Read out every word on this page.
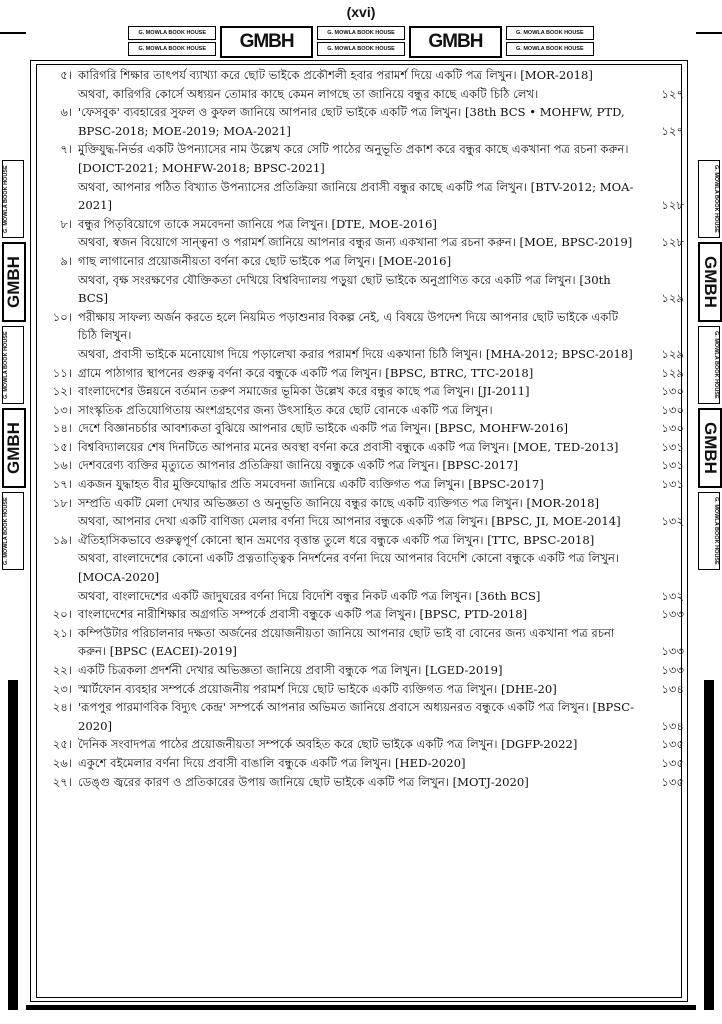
(xvi)
G. MOWLA BOOK HOUSE
G. MOWLA BOOK HOUSE	GMBH	G. MOWLA BOOK HOUSE
G. MOWLA BOOK HOUSE	GMBH	G. MOWLA BOOK HOUSE
G. MOWLA BOOK HOUSE
G. MOWLA BOOK HOUSE
GMBH
G. MOWLA BOOK HOUSE
GMBH
G. MOWLA BOOK HOUSE
G. MOWLA BOOK HOUSE
GMBH
G. MOWLA BOOK HOUSE
GMBH
G. MOWLA BOOK HOUSE
৫। কারিগরি শিক্ষার তাৎপর্য ব্যাখ্যা করে ছোট ভাইকে প্রকৌশলী হবার পরামর্শ দিয়ে একটি পত্র লিখুন। [MOR-2018]
অথবা, কারিগরি কোর্সে অধ্যয়ন তোমার কাছে কেমন লাগছে তা জানিয়ে বন্ধুর কাছে একটি চিঠি লেখ।	১২৭
৬। 'ফেসবুক' ব্যবহারের সুফল ও কুফল জানিয়ে আপনার ছোট ভাইকে একটি পত্র লিখুন। [38th BCS • MOHFW, PTD, BPSC-2018; MOE-2019; MOA-2021]	১২৭
৭। মুক্তিযুদ্ধ-নির্ভর একটি উপন্যাসের নাম উল্লেখ করে সেটি পাঠের অনুভূতি প্রকাশ করে বন্ধুর কাছে একখানা পত্র রচনা করুন। [DOICT-2021; MOHFW-2018; BPSC-2021]
অথবা, আপনার পঠিত বিখ্যাত উপন্যাসের প্রতিক্রিয়া জানিয়ে প্রবাসী বন্ধুর কাছে একটি পত্র লিখুন। [BTV-2012; MOA-2021]	১২৮
৮। বন্ধুর পিতৃবিয়োগে তাকে সমবেদনা জানিয়ে পত্র লিখুন। [DTE, MOE-2016]
অথবা, স্বজন বিয়োগে সান্ত্বনা ও পরামর্শ জানিয়ে আপনার বন্ধুর জন্য একখানা পত্র রচনা করুন। [MOE, BPSC-2019]	১২৮
৯। গাছ লাগানোর প্রয়োজনীয়তা বর্ণনা করে ছোট ভাইকে পত্র লিখুন। [MOE-2016]
অথবা, বৃক্ষ সংরক্ষণের যৌক্তিকতা দেখিয়ে বিশ্ববিদ্যালয় পড়ুয়া ছোট ভাইকে অনুপ্রাণিত করে একটি পত্র লিখুন। [30th BCS]	১২৯
১০। পরীক্ষায় সাফল্য অর্জন করতে হলে নিয়মিত পড়াশুনার বিকল্প নেই, এ বিষয়ে উপদেশ দিয়ে আপনার ছোট ভাইকে একটি চিঠি লিখুন।
অথবা, প্রবাসী ভাইকে মনোযোগ দিয়ে পড়ালেখা করার পরামর্শ দিয়ে একখানা চিঠি লিখুন। [MHA-2012; BPSC-2018]	১২৯
১১। গ্রামে পাঠাগার স্থাপনের গুরুত্ব বর্ণনা করে বন্ধুকে একটি পত্র লিখুন। [BPSC, BTRC, TTC-2018]	১২৯
১২। বাংলাদেশের উন্নয়নে বর্তমান তরুণ সমাজের ভূমিকা উল্লেখ করে বন্ধুর কাছে পত্র লিখুন। [JI-2011]	১৩০
১৩। সাংস্কৃতিক প্রতিযোগিতায় অংশগ্রহণের জন্য উৎসাহিত করে ছোট বোনকে একটি পত্র লিখুন।	১৩০
১৪। দেশে বিজ্ঞানচর্চার আবশ্যকতা বুঝিয়ে আপনার ছোট ভাইকে একটি পত্র লিখুন। [BPSC, MOHFW-2016]	১৩০
১৫। বিশ্ববিদ্যালয়ের শেষ দিনটিতে আপনার মনের অবস্থা বর্ণনা করে প্রবাসী বন্ধুকে একটি পত্র লিখুন। [MOE, TED-2013]	১৩১
১৬। দেশবরেণ্য ব্যক্তির মৃত্যুতে আপনার প্রতিক্রিয়া জানিয়ে বন্ধুকে একটি পত্র লিখুন। [BPSC-2017]	১৩১
১৭। একজন যুদ্ধাহত বীর মুক্তিযোদ্ধার প্রতি সমবেদনা জানিয়ে একটি ব্যক্তিগত পত্র লিখুন। [BPSC-2017]	১৩১
১৮। সম্প্রতি একটি মেলা দেখার অভিজ্ঞতা ও অনুভূতি জানিয়ে বন্ধুর কাছে একটি ব্যক্তিগত পত্র লিখুন। [MOR-2018]
অথবা, আপনার দেখা একটি বাণিজ্য মেলার বর্ণনা দিয়ে আপনার বন্ধুকে একটি পত্র লিখুন। [BPSC, JI, MOE-2014]	১৩২
১৯। ঐতিহাসিকভাবে গুরুত্বপূর্ণ কোনো স্থান ভ্রমণের বৃত্তান্ত তুলে ধরে বন্ধুকে একটি পত্র লিখুন। [TTC, BPSC-2018]
অথবা, বাংলাদেশের কোনো একটি প্রত্নতাত্ত্বিক নিদর্শনের বর্ণনা দিয়ে আপনার বিদেশি কোনো বন্ধুকে একটি পত্র লিখুন। [MOCA-2020]
অথবা, বাংলাদেশের একটি জাদুঘরের বর্ণনা দিয়ে বিদেশি বন্ধুর নিকট একটি পত্র লিখুন। [36th BCS]	১৩২
২০। বাংলাদেশের নারীশিক্ষার অগ্রগতি সম্পর্কে প্রবাসী বন্ধুকে একটি পত্র লিখুন। [BPSC, PTD-2018]	১৩৩
২১। কম্পিউটার পরিচালনার দক্ষতা অর্জনের প্রয়োজনীয়তা জানিয়ে আপনার ছোট ভাই বা বোনের জন্য একখানা পত্র রচনা করুন। [BPSC (EACEI)-2019]	১৩৩
২২। একটি চিত্রকলা প্রদর্শনী দেখার অভিজ্ঞতা জানিয়ে প্রবাসী বন্ধুকে পত্র লিখুন। [LGED-2019]	১৩৩
২৩। স্মার্টফোন ব্যবহার সম্পর্কে প্রয়োজনীয় পরামর্শ দিয়ে ছোট ভাইকে একটি ব্যক্তিগত পত্র লিখুন। [DHE-20]	১৩৪
২৪। 'রূপপুর পারমাণবিক বিদ্যুৎ কেন্দ্র' সম্পর্কে আপনার অভিমত জানিয়ে প্রবাসে অধ্যয়নরত বন্ধুকে একটি পত্র লিখুন। [BPSC-2020]	১৩৪
২৫। দৈনিক সংবাদপত্র পাঠের প্রয়োজনীয়তা সম্পর্কে অবহিত করে ছোট ভাইকে একটি পত্র লিখুন। [DGFP-2022]	১৩৫
২৬। একুশে বইমেলার বর্ণনা দিয়ে প্রবাসী বাঙালি বন্ধুকে একটি পত্র লিখুন। [HED-2020]	১৩৫
২৭। ডেঙ্গু জ্বরের কারণ ও প্রতিকারের উপায় জানিয়ে ছোট ভাইকে একটি পত্র লিখুন। [MOTJ-2020]	১৩৫
